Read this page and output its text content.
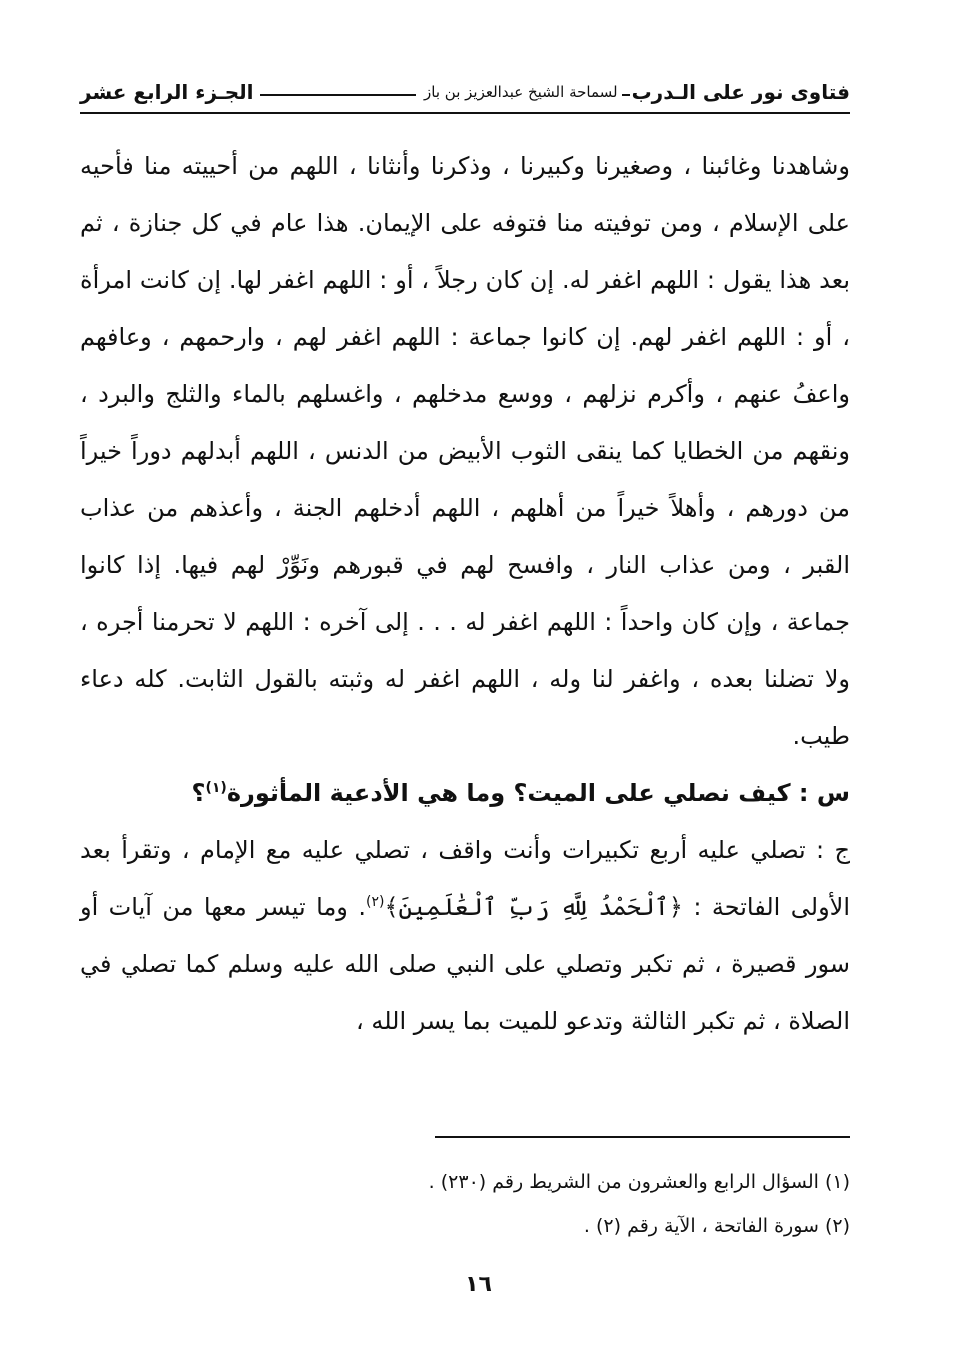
فتاوى نور على الـدرب
لسماحة الشيخ عبدالعزيز بن باز
الجـزء الرابع عشر

وشاهدنا وغائبنا ، وصغيرنا وكبيرنا ، وذكرنا وأنثانا ، اللهم من أحييته منا فأحيه على الإسلام ، ومن توفيته منا فتوفه على الإيمان. هذا عام في كل جنازة ، ثم بعد هذا يقول : اللهم اغفر له. إن كان رجلاً ، أو : اللهم اغفر لها. إن كانت امرأة ، أو : اللهم اغفر لهم. إن كانوا جماعة : اللهم اغفر لهم ، وارحمهم ، وعافهم واعفُ عنهم ، وأكرم نزلهم ، ووسع مدخلهم ، واغسلهم بالماء والثلج والبرد ، ونقهم من الخطايا كما ينقى الثوب الأبيض من الدنس ، اللهم أبدلهم دوراً خيراً من دورهم ، وأهلاً خيراً من أهلهم ، اللهم أدخلهم الجنة ، وأعذهم من عذاب القبر ، ومن عذاب النار ، وافسح لهم في قبورهم ونَوِّرْ لهم فيها. إذا كانوا جماعة ، وإن كان واحداً : اللهم اغفر له . . . إلى آخره : اللهم لا تحرمنا أجره ، ولا تضلنا بعده ، واغفر لنا وله ، اللهم اغفر له وثبته بالقول الثابت. كله دعاء طيب.

س : كيف نصلي على الميت؟ وما هي الأدعية المأثورة$^{(١)}$؟

ج : تصلي عليه أربع تكبيرات وأنت واقف ، تصلي عليه مع الإمام ، وتقرأ بعد الأولى الفاتحة : ﴿ٱلْحَمْدُ لِلَّهِ رَبِّ ٱلْعَٰلَمِينَ﴾$^{(٢)}$. وما تيسر معها من آيات أو سور قصيرة ، ثم تكبر وتصلي على النبي صلى الله عليه وسلم كما تصلي في الصلاة ، ثم تكبر الثالثة وتدعو للميت بما يسر الله ،

(١)السؤال الرابع والعشرون من الشريط رقم (٢٣٠) .
(٢)سورة الفاتحة ، الآية رقم (٢) .
١٦
